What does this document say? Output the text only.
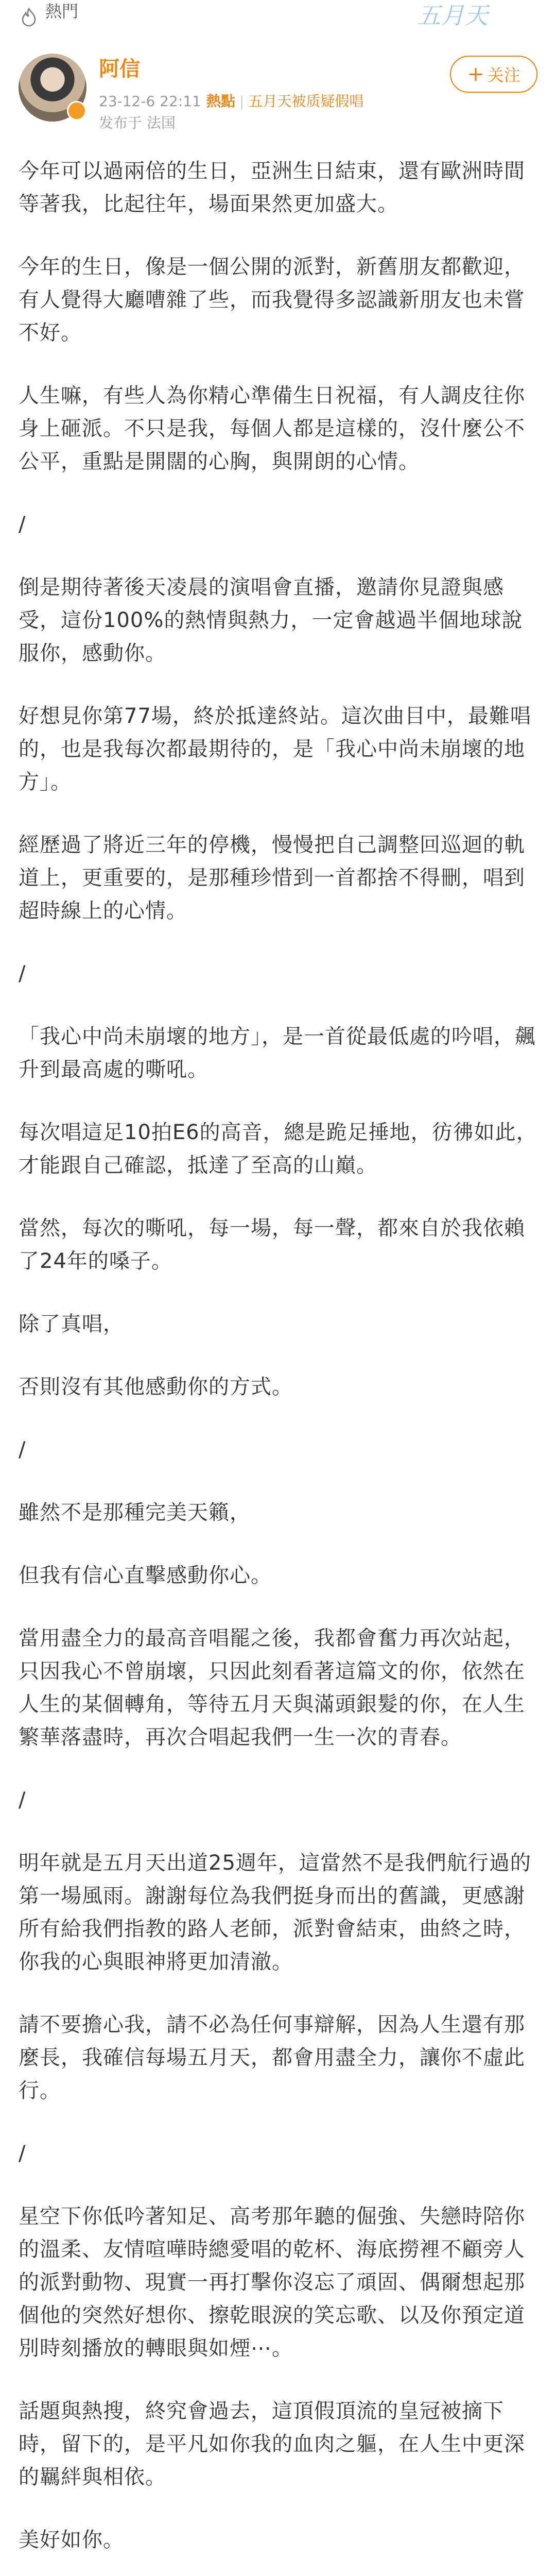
熱門	五月天
阿信
23-12-6 22:11 熱點 | 五月天被质疑假唱
发布于 法国
+ 关注

今年可以過兩倍的生日，亞洲生日結束，還有歐洲時間等著我，比起往年，場面果然更加盛大。

今年的生日，像是一個公開的派對，新舊朋友都歡迎，有人覺得大廳嘈雜了些，而我覺得多認識新朋友也未嘗不好。

人生嘛，有些人為你精心準備生日祝福，有人調皮往你身上砸派。不只是我，每個人都是這樣的，沒什麼公不公平，重點是開闊的心胸，與開朗的心情。

/

倒是期待著後天凌晨的演唱會直播，邀請你見證與感受，這份100%的熱情與熱力，一定會越過半個地球說服你，感動你。

好想見你第77場，終於抵達終站。這次曲目中，最難唱的，也是我每次都最期待的，是「我心中尚未崩壞的地方」。

經歷過了將近三年的停機，慢慢把自己調整回巡迴的軌道上，更重要的，是那種珍惜到一首都捨不得刪，唱到超時線上的心情。

/

「我心中尚未崩壞的地方」，是一首從最低處的吟唱，飆升到最高處的嘶吼。

每次唱這足10拍E6的高音，總是跪足捶地，彷彿如此，才能跟自己確認，抵達了至高的山巔。

當然，每次的嘶吼，每一場，每一聲，都來自於我依賴了24年的嗓子。

除了真唱，

否則沒有其他感動你的方式。

/

雖然不是那種完美天籟，

但我有信心直擊感動你心。

當用盡全力的最高音唱罷之後，我都會奮力再次站起，只因我心不曾崩壞，只因此刻看著這篇文的你，依然在人生的某個轉角，等待五月天與滿頭銀髮的你，在人生繁華落盡時，再次合唱起我們一生一次的青春。

/

明年就是五月天出道25週年，這當然不是我們航行過的第一場風雨。謝謝每位為我們挺身而出的舊識，更感謝所有給我們指教的路人老師，派對會結束，曲終之時，你我的心與眼神將更加清澈。

請不要擔心我，請不必為任何事辯解，因為人生還有那麼長，我確信每場五月天，都會用盡全力，讓你不虛此行。

/

星空下你低吟著知足、高考那年聽的倔強、失戀時陪你的溫柔、友情喧嘩時總愛唱的乾杯、海底撈裡不顧旁人的派對動物、現實一再打擊你沒忘了頑固、偶爾想起那個他的突然好想你、擦乾眼淚的笑忘歌、以及你預定道別時刻播放的轉眼與如煙⋯。

話題與熱搜，終究會過去，這頂假頂流的皇冠被摘下時，留下的，是平凡如你我的血肉之軀，在人生中更深的羈絆與相依。

美好如你。
